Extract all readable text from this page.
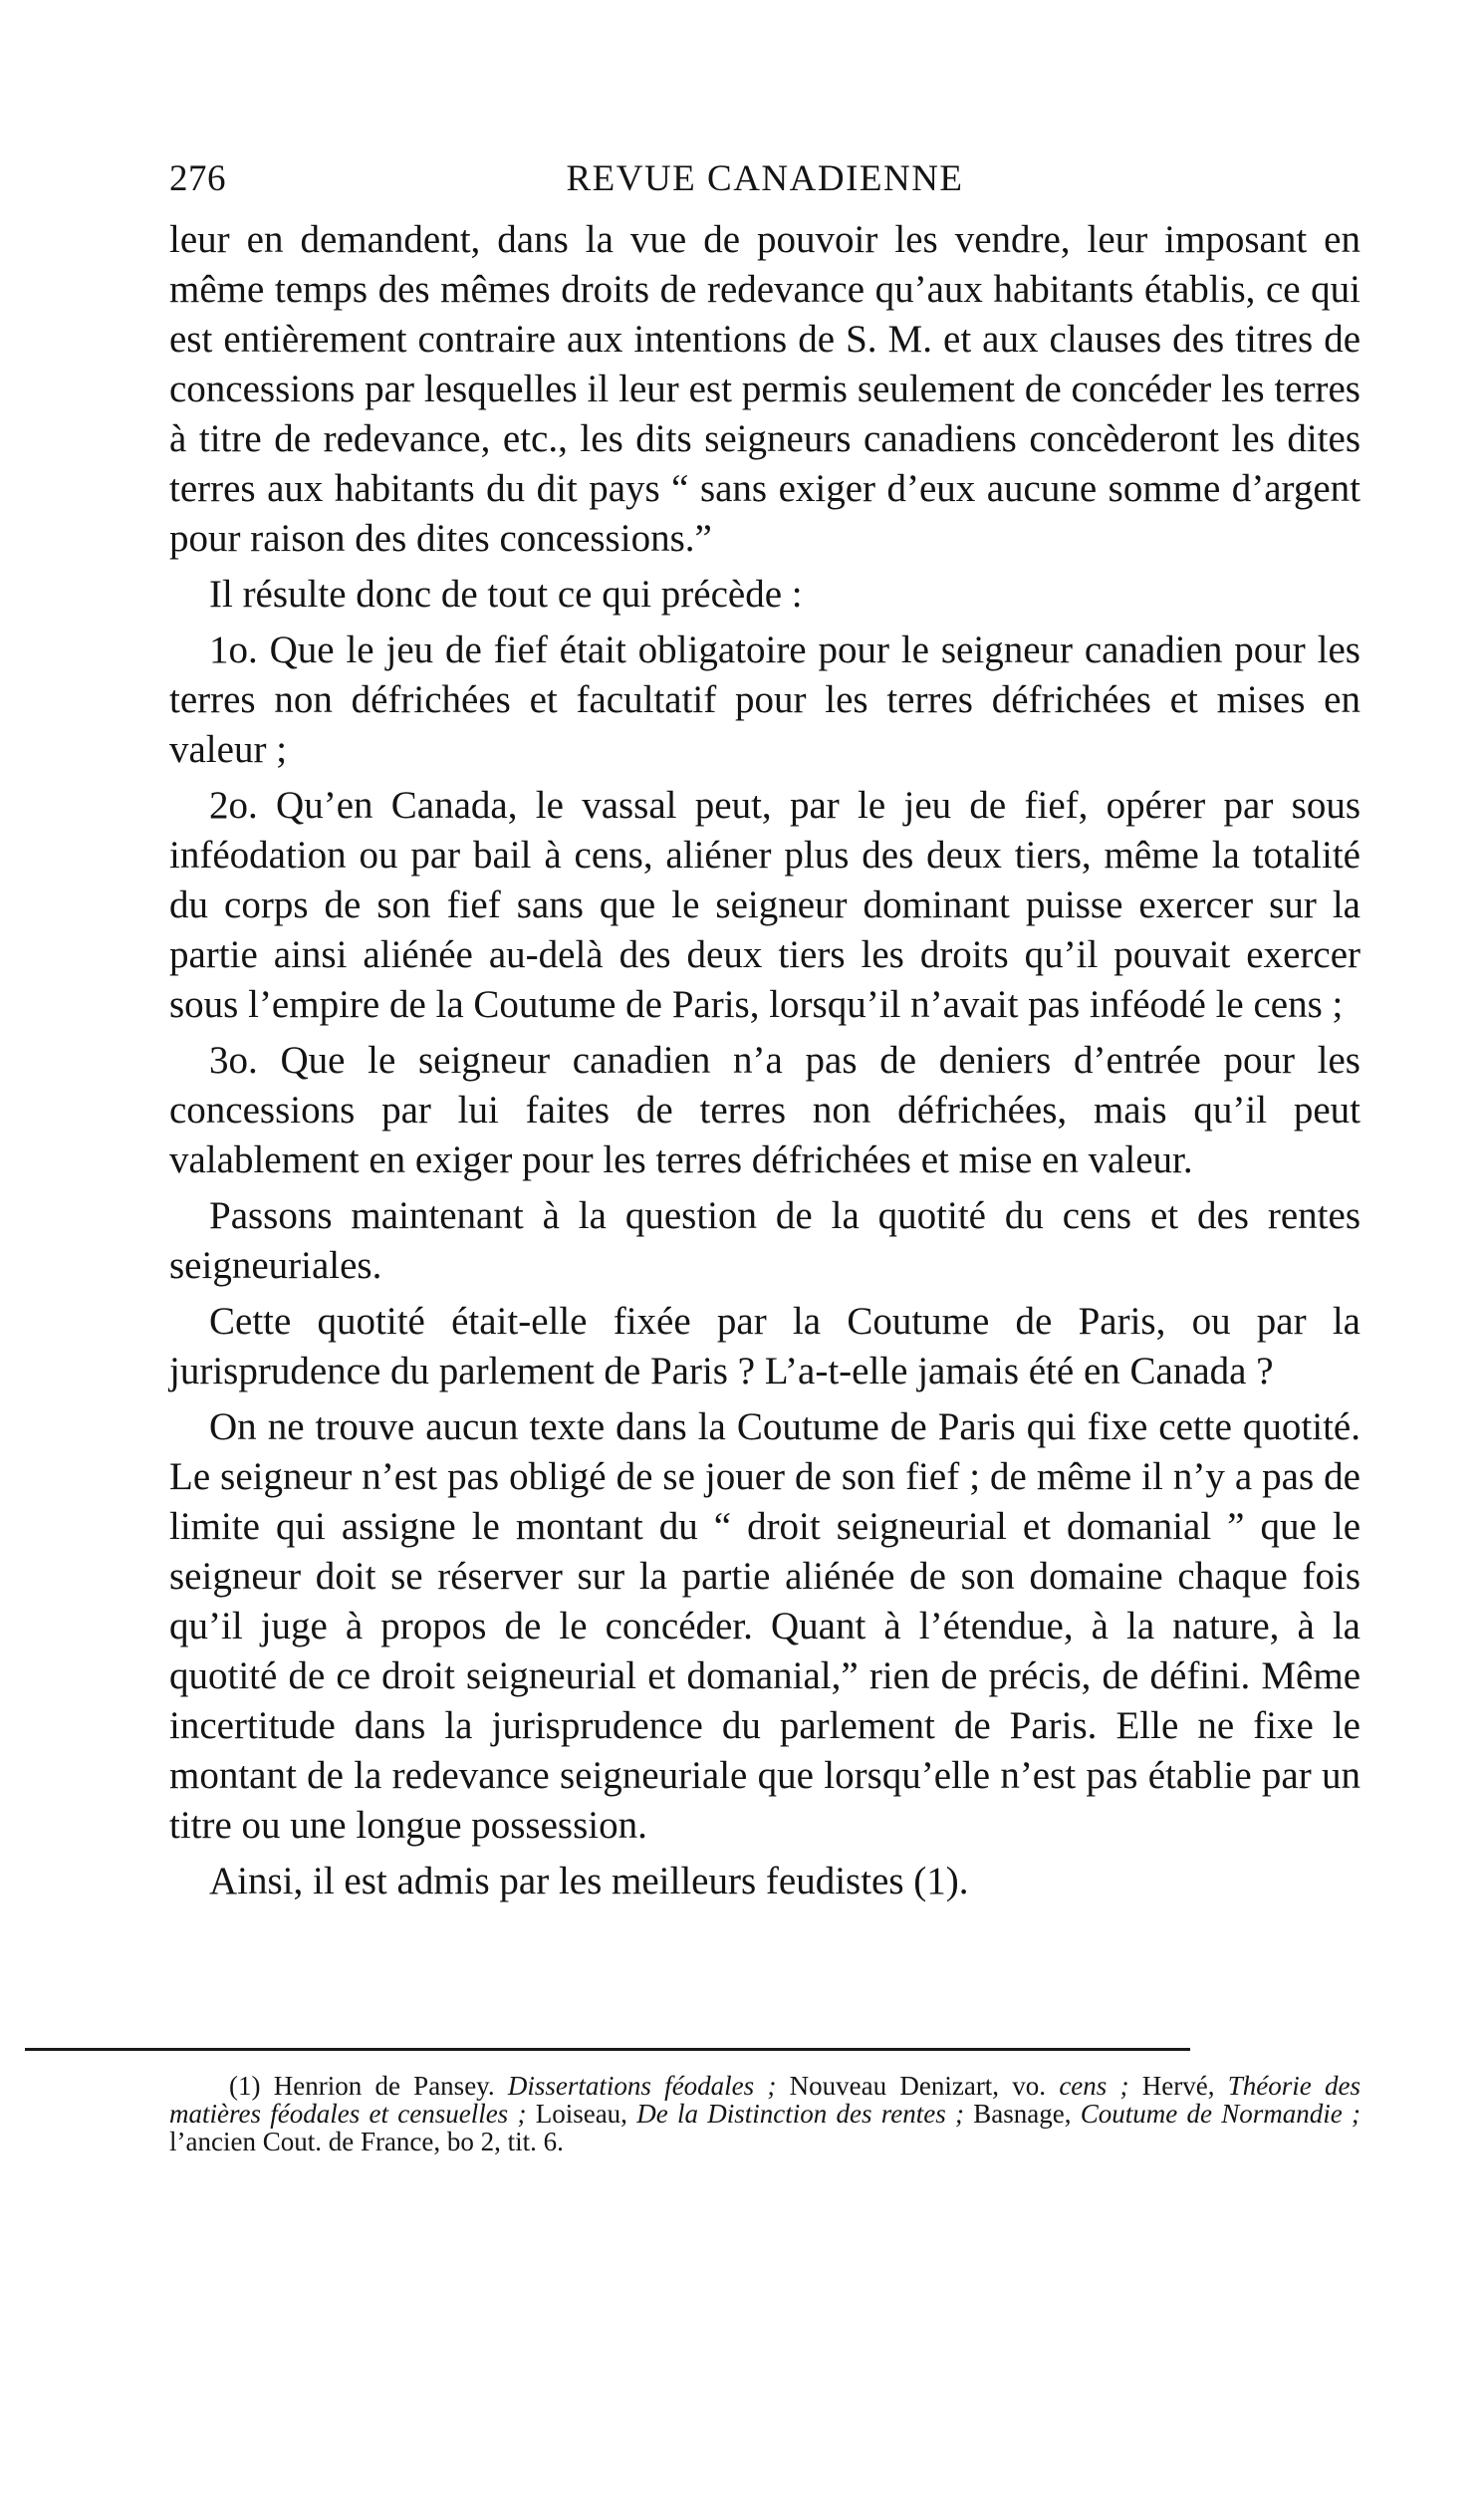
276	REVUE CANADIENNE

leur en demandent, dans la vue de pouvoir les vendre, leur imposant en même temps des mêmes droits de redevance qu’aux habitants établis, ce qui est entièrement contraire aux intentions de S. M. et aux clauses des titres de concessions par lesquelles il leur est permis seulement de concéder les terres à titre de redevance, etc., les dits seigneurs canadiens concèderont les dites terres aux habitants du dit pays “ sans exiger d’eux aucune somme d’argent pour raison des dites concessions.”

Il résulte donc de tout ce qui précède :

1o. Que le jeu de fief était obligatoire pour le seigneur canadien pour les terres non défrichées et facultatif pour les terres défrichées et mises en valeur ;

2o. Qu’en Canada, le vassal peut, par le jeu de fief, opérer par sous inféodation ou par bail à cens, aliéner plus des deux tiers, même la totalité du corps de son fief sans que le seigneur dominant puisse exercer sur la partie ainsi aliénée au-delà des deux tiers les droits qu’il pouvait exercer sous l’empire de la Coutume de Paris, lorsqu’il n’avait pas inféodé le cens ;

3o. Que le seigneur canadien n’a pas de deniers d’entrée pour les concessions par lui faites de terres non défrichées, mais qu’il peut valablement en exiger pour les terres défrichées et mise en valeur.

Passons maintenant à la question de la quotité du cens et des rentes seigneuriales.

Cette quotité était-elle fixée par la Coutume de Paris, ou par la jurisprudence du parlement de Paris ? L’a-t-elle jamais été en Canada ?

On ne trouve aucun texte dans la Coutume de Paris qui fixe cette quotité. Le seigneur n’est pas obligé de se jouer de son fief ; de même il n’y a pas de limite qui assigne le montant du “ droit seigneurial et domanial ” que le seigneur doit se réserver sur la partie aliénée de son domaine chaque fois qu’il juge à propos de le concéder. Quant à l’étendue, à la nature, à la quotité de ce droit seigneurial et domanial,” rien de précis, de défini. Même incertitude dans la jurisprudence du parlement de Paris. Elle ne fixe le montant de la redevance seigneuriale que lorsqu’elle n’est pas établie par un titre ou une longue possession.

Ainsi, il est admis par les meilleurs feudistes (1).

(1) Henrion de Pansey. Dissertations féodales ; Nouveau Denizart, vo. cens ; Hervé, Théorie des matières féodales et censuelles ; Loiseau, De la Distinction des rentes ; Basnage, Coutume de Normandie ; l’ancien Cout. de France, bo 2, tit. 6.
